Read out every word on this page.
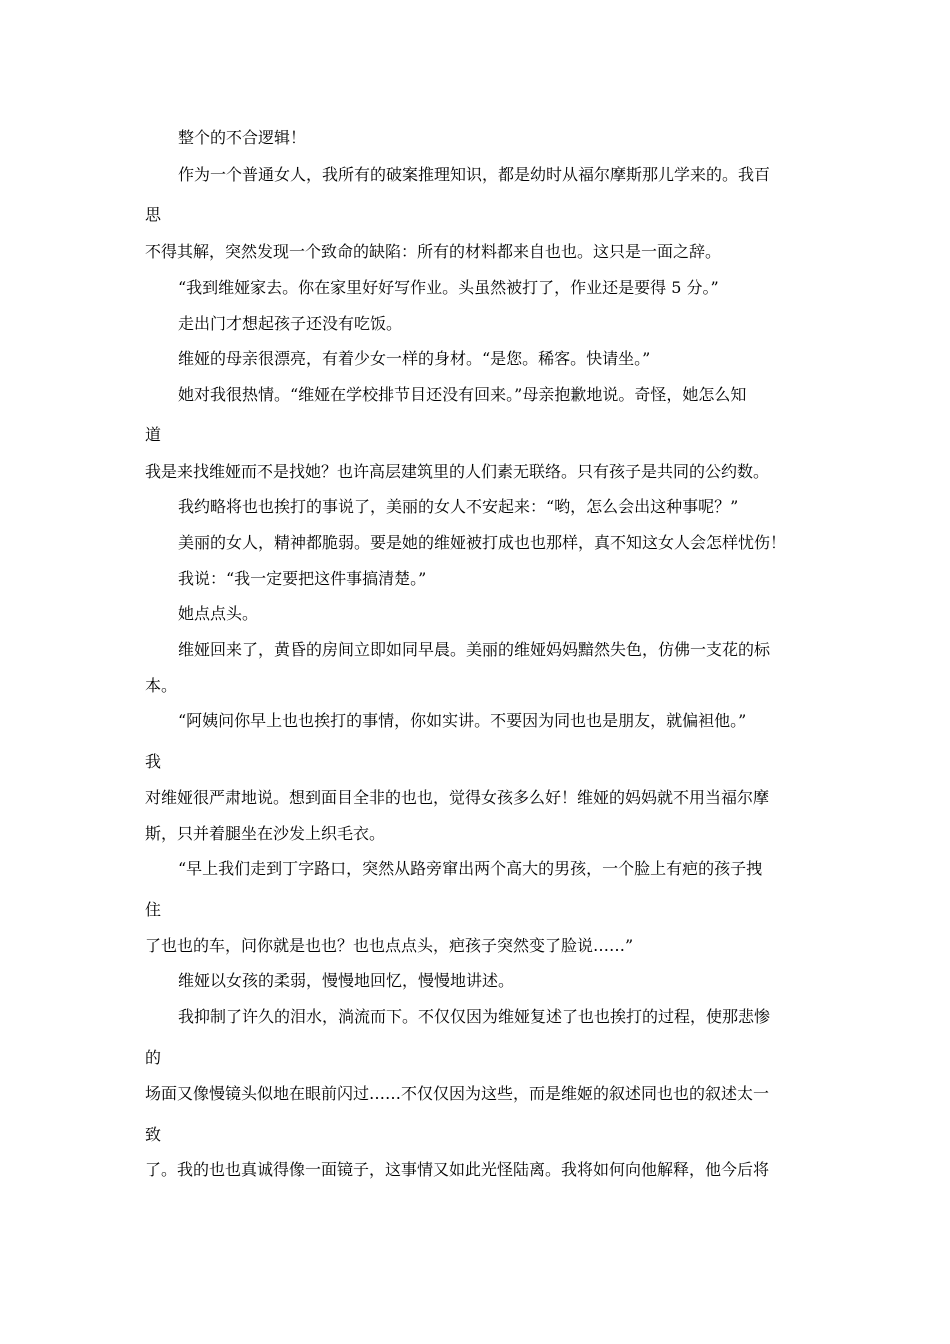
整个的不合逻辑！
作为一个普通女人，我所有的破案推理知识，都是幼时从福尔摩斯那儿学来的。我百
思
不得其解，突然发现一个致命的缺陷：所有的材料都来自也也。这只是一面之辞。
“我到维娅家去。你在家里好好写作业。头虽然被打了，作业还是要得 5 分。”
走出门才想起孩子还没有吃饭。
维娅的母亲很漂亮，有着少女一样的身材。“是您。稀客。快请坐。”
她对我很热情。“维娅在学校排节目还没有回来。”母亲抱歉地说。奇怪，她怎么知
道
我是来找维娅而不是找她？也许高层建筑里的人们素无联络。只有孩子是共同的公约数。
我约略将也也挨打的事说了，美丽的女人不安起来：“哟，怎么会出这种事呢？”
美丽的女人，精神都脆弱。要是她的维娅被打成也也那样，真不知这女人会怎样忧伤！
我说：“我一定要把这件事搞清楚。”
她点点头。
维娅回来了，黄昏的房间立即如同早晨。美丽的维娅妈妈黯然失色，仿佛一支花的标
本。
“阿姨问你早上也也挨打的事情，你如实讲。不要因为同也也是朋友，就偏袒他。”
我
对维娅很严肃地说。想到面目全非的也也，觉得女孩多么好！维娅的妈妈就不用当福尔摩
斯，只并着腿坐在沙发上织毛衣。
“早上我们走到丁字路口，突然从路旁窜出两个高大的男孩，一个脸上有疤的孩子拽
住
了也也的车，问你就是也也？也也点点头，疤孩子突然变了脸说……”
维娅以女孩的柔弱，慢慢地回忆，慢慢地讲述。
我抑制了许久的泪水，淌流而下。不仅仅因为维娅复述了也也挨打的过程，使那悲惨
的
场面又像慢镜头似地在眼前闪过……不仅仅因为这些，而是维姬的叙述同也也的叙述太一
致
了。我的也也真诚得像一面镜子，这事情又如此光怪陆离。我将如何向他解释，他今后将
